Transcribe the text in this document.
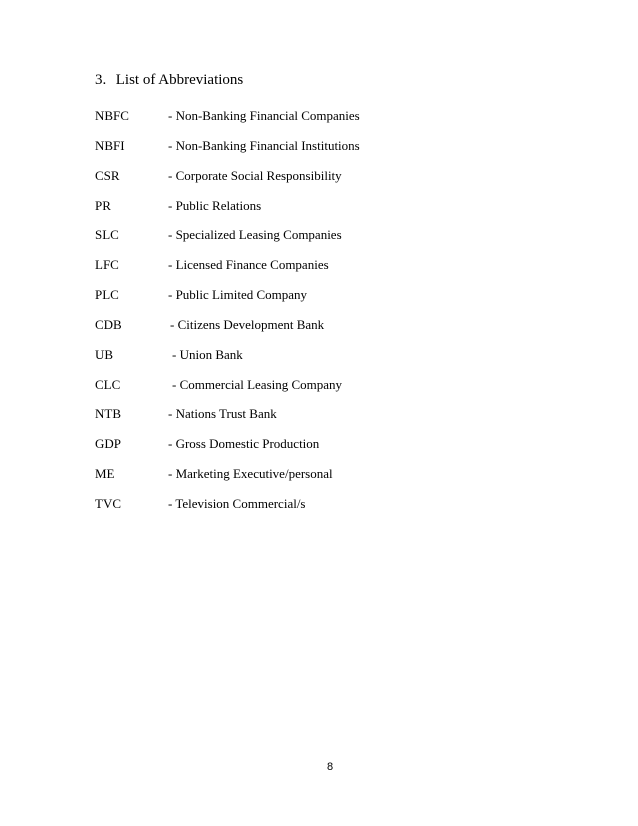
3. List of Abbreviations
NBFC	- Non-Banking Financial Companies
NBFI	- Non-Banking Financial Institutions
CSR	- Corporate Social Responsibility
PR	- Public Relations
SLC	- Specialized Leasing Companies
LFC	- Licensed Finance Companies
PLC	- Public Limited Company
CDB	- Citizens Development Bank
UB	- Union Bank
CLC	- Commercial Leasing Company
NTB	- Nations Trust Bank
GDP	- Gross Domestic Production
ME	- Marketing Executive/personal
TVC	- Television Commercial/s
8
